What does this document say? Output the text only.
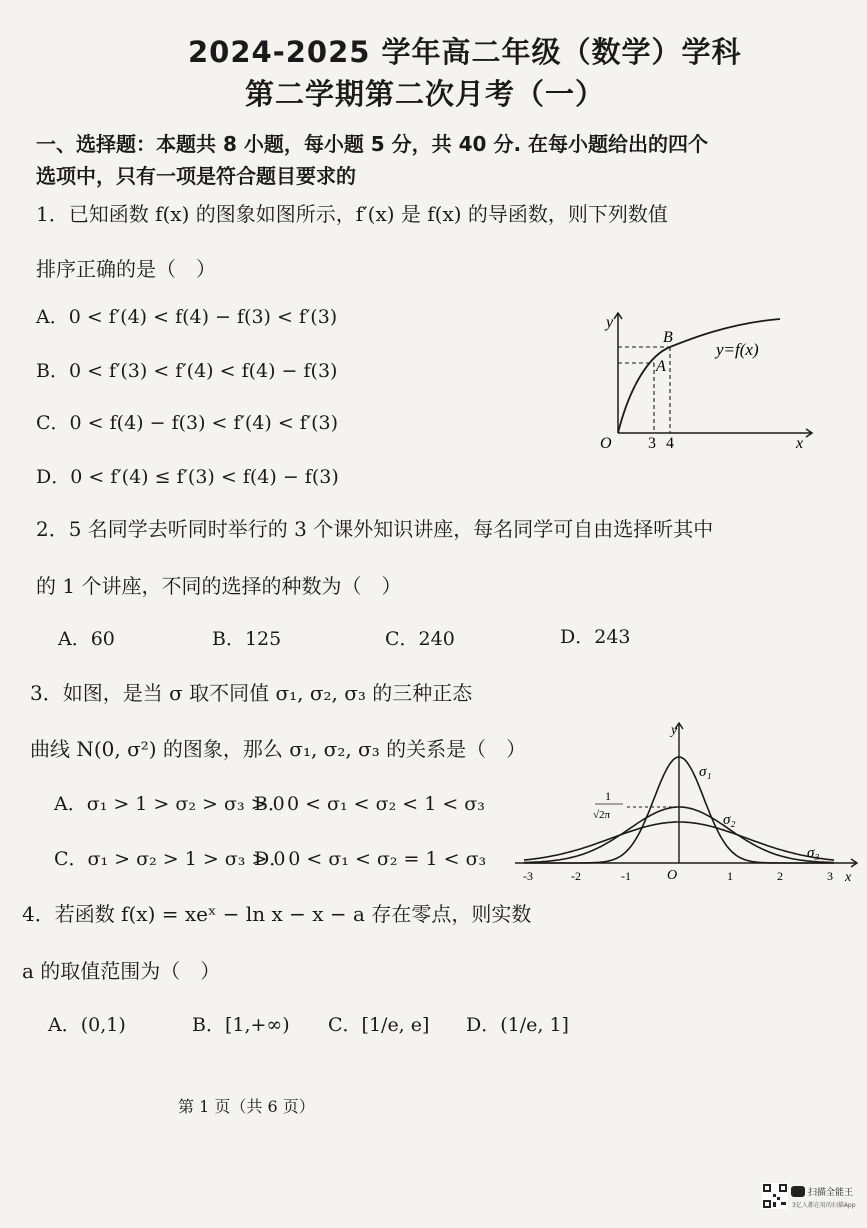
2024-2025 学年高二年级（数学）学科
第二学期第二次月考（一）
一、选择题：本题共 8 小题，每小题 5 分，共 40 分. 在每小题给出的四个
选项中，只有一项是符合题目要求的
1．已知函数 f(x) 的图象如图所示，f′(x) 是 f(x) 的导函数，则下列数值
排序正确的是（　）
A．0 < f′(4) < f(4) − f(3) < f′(3)
B．0 < f′(3) < f′(4) < f(4) − f(3)
C．0 < f(4) − f(3) < f′(4) < f′(3)
D．0 < f′(4) ≤ f′(3) < f(4) − f(3)
y
x
O 3 4
A
B
y=f(x)
2．5 名同学去听同时举行的 3 个课外知识讲座，每名同学可自由选择听其中
的 1 个讲座，不同的选择的种数为（　）
A．60	B．125	C．240	D．243
3．如图，是当 σ 取不同值 σ₁, σ₂, σ₃ 的三种正态
曲线 N(0, σ²) 的图象，那么 σ₁, σ₂, σ₃ 的关系是（　）
A．σ₁ > 1 > σ₂ > σ₃ > 0
B．0 < σ₁ < σ₂ < 1 < σ₃
C．σ₁ > σ₂ > 1 > σ₃ > 0
D．0 < σ₁ < σ₂ = 1 < σ₃
y
x
O
1
√2π
σ₁
σ₂
σ₃
-3	-2	-1	1	2	3
4．若函数 f(x) = xeˣ − ln x − x − a 存在零点，则实数
a 的取值范围为（　）
A．(0,1)	B．[1,+∞) C．[1/e, e] D．(1/e, 1]
第 1 页（共 6 页）
扫描全能王
3亿人都在用的扫描App
